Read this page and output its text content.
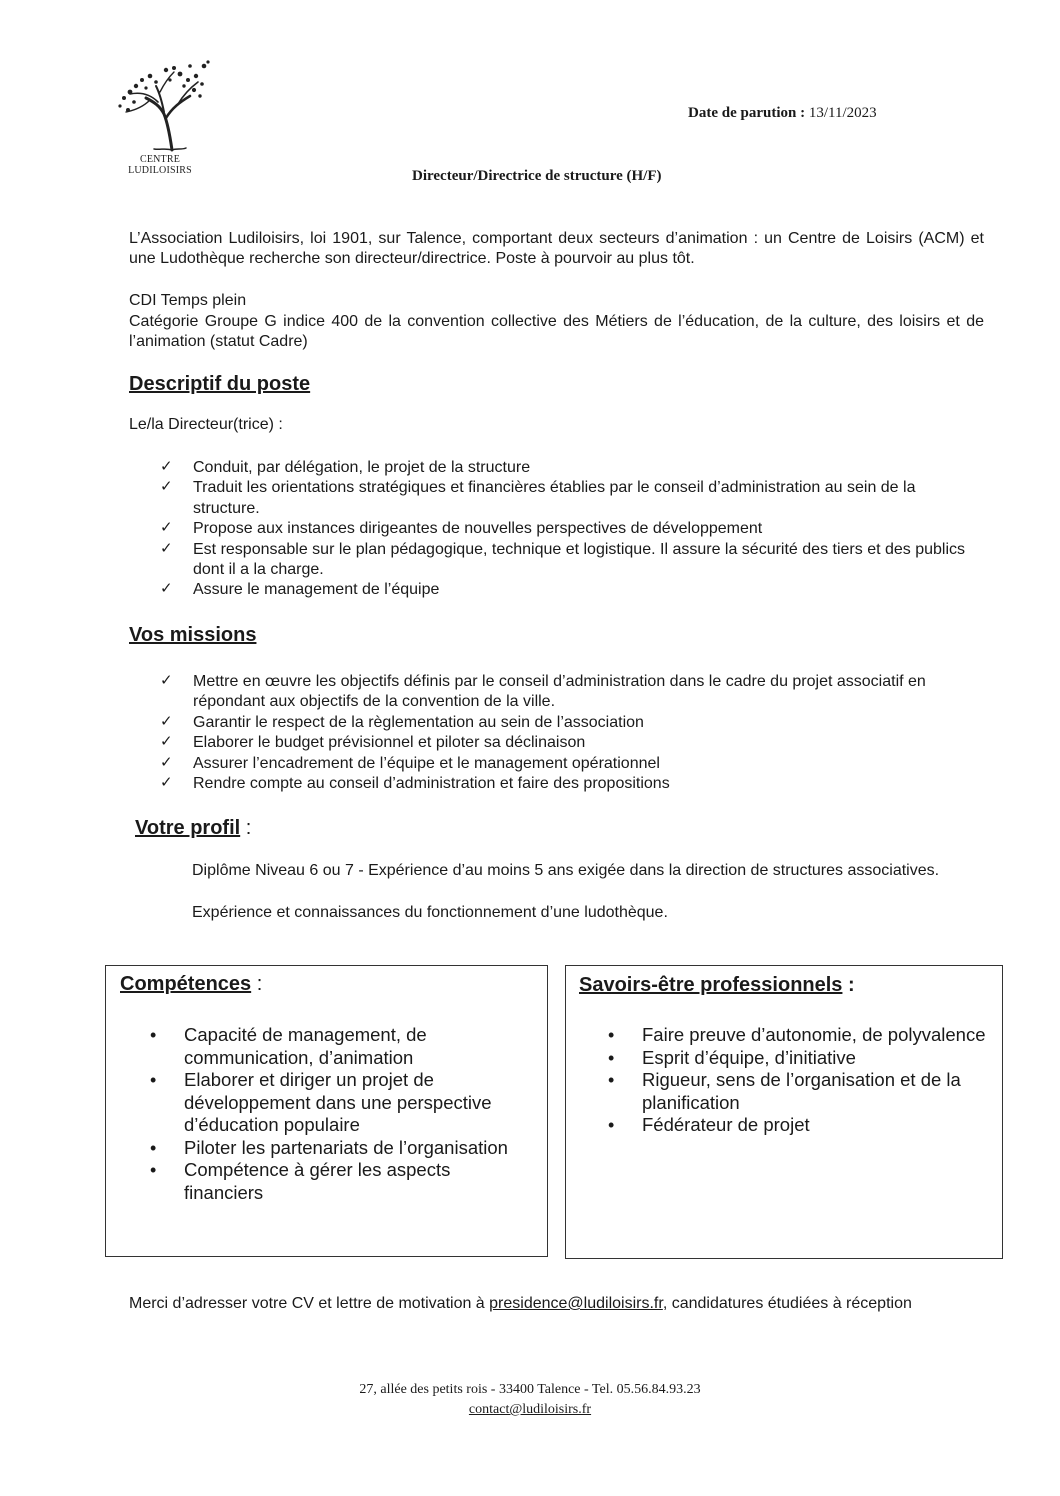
CENTRE LUDILOISIRS
Date de parution : 13/11/2023
Directeur/Directrice de structure (H/F)
L’Association Ludiloisirs, loi 1901, sur Talence, comportant deux secteurs d’animation : un Centre de Loisirs (ACM) et une Ludothèque recherche son directeur/directrice. Poste à pourvoir au plus tôt.
CDI Temps plein
Catégorie Groupe G indice 400 de la convention collective des Métiers de l’éducation, de la culture, des loisirs et de l’animation (statut Cadre)
Descriptif du poste
Le/la Directeur(trice) :
✓ Conduit, par délégation, le projet de la structure
✓ Traduit les orientations stratégiques et financières établies par le conseil d’administration au sein de la structure.
✓ Propose aux instances dirigeantes de nouvelles perspectives de développement
✓ Est responsable sur le plan pédagogique, technique et logistique. Il assure la sécurité des tiers et des publics dont il a la charge.
✓ Assure le management de l’équipe
Vos missions
✓ Mettre en œuvre les objectifs définis par le conseil d’administration dans le cadre du projet associatif en répondant aux objectifs de la convention de la ville.
✓ Garantir le respect de la règlementation au sein de l’association
✓ Elaborer le budget prévisionnel et piloter sa déclinaison
✓ Assurer l’encadrement de l’équipe et le management opérationnel
✓ Rendre compte au conseil d’administration et faire des propositions
Votre profil :
Diplôme Niveau 6 ou 7 - Expérience d’au moins 5 ans exigée dans la direction de structures associatives.
Expérience et connaissances du fonctionnement d’une ludothèque.
Compétences :
• Capacité de management, de communication, d’animation
• Elaborer et diriger un projet de développement dans une perspective d’éducation populaire
• Piloter les partenariats de l’organisation
• Compétence à gérer les aspects financiers
Savoirs-être professionnels :
• Faire preuve d’autonomie, de polyvalence
• Esprit d’équipe, d’initiative
• Rigueur, sens de l’organisation et de la planification
• Fédérateur de projet
Merci d’adresser votre CV et lettre de motivation à presidence@ludiloisirs.fr, candidatures étudiées à réception
27, allée des petits rois - 33400 Talence - Tel. 05.56.84.93.23
contact@ludiloisirs.fr
